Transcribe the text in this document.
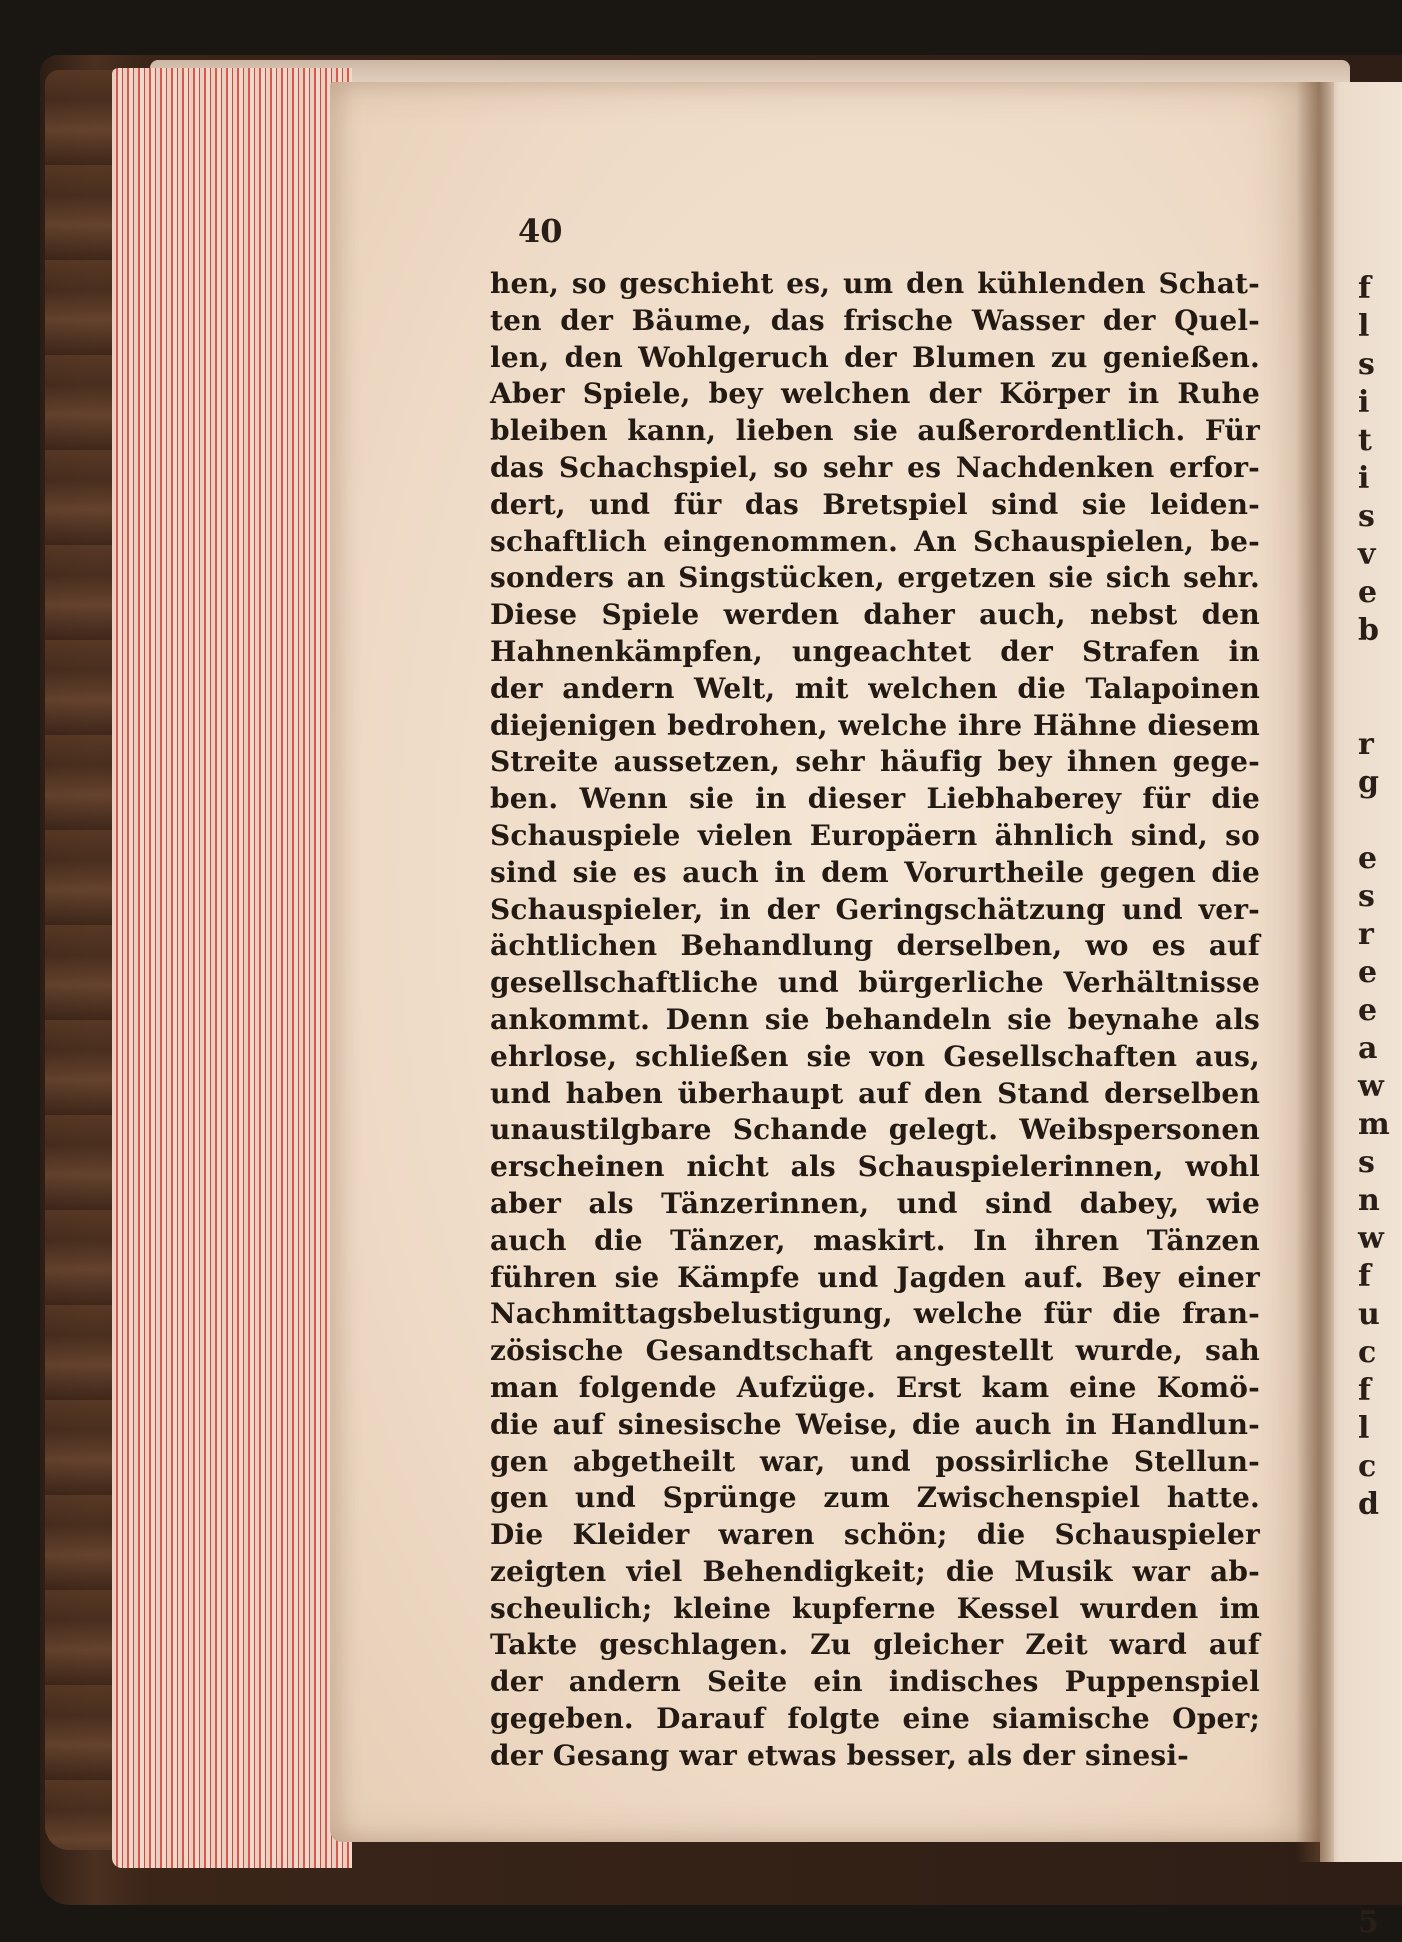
40
hen, so geschieht es, um den kühlenden Schat-
ten der Bäume, das frische Wasser der Quel-
len, den Wohlgeruch der Blumen zu genießen.
Aber Spiele, bey welchen der Körper in Ruhe
bleiben kann, lieben sie außerordentlich. Für
das Schachspiel, so sehr es Nachdenken erfor-
dert, und für das Bretspiel sind sie leiden-
schaftlich eingenommen. An Schauspielen, be-
sonders an Singstücken, ergetzen sie sich sehr.
Diese Spiele werden daher auch, nebst den
Hahnenkämpfen, ungeachtet der Strafen in
der andern Welt, mit welchen die Talapoinen
diejenigen bedrohen, welche ihre Hähne diesem
Streite aussetzen, sehr häufig bey ihnen gege-
ben. Wenn sie in dieser Liebhaberey für die
Schauspiele vielen Europäern ähnlich sind, so
sind sie es auch in dem Vorurtheile gegen die
Schauspieler, in der Geringschätzung und ver-
ächtlichen Behandlung derselben, wo es auf
gesellschaftliche und bürgerliche Verhältnisse
ankommt. Denn sie behandeln sie beynahe als
ehrlose, schließen sie von Gesellschaften aus,
und haben überhaupt auf den Stand derselben
unaustilgbare Schande gelegt. Weibspersonen
erscheinen nicht als Schauspielerinnen, wohl
aber als Tänzerinnen, und sind dabey, wie
auch die Tänzer, maskirt. In ihren Tänzen
führen sie Kämpfe und Jagden auf. Bey einer
Nachmittagsbelustigung, welche für die fran-
zösische Gesandtschaft angestellt wurde, sah
man folgende Aufzüge. Erst kam eine Komö-
die auf sinesische Weise, die auch in Handlun-
gen abgetheilt war, und possirliche Stellun-
gen und Sprünge zum Zwischenspiel hatte.
Die Kleider waren schön; die Schauspieler
zeigten viel Behendigkeit; die Musik war ab-
scheulich; kleine kupferne Kessel wurden im
Takte geschlagen. Zu gleicher Zeit ward auf
der andern Seite ein indisches Puppenspiel
gegeben. Darauf folgte eine siamische Oper;
der Gesang war etwas besser, als der sinesi-
f
l
s
i
t
i
s
v
e
b
r
g
e
s
r
e
e
a
w
m
s
n
w
f
u
c
f
l
c
d
5
